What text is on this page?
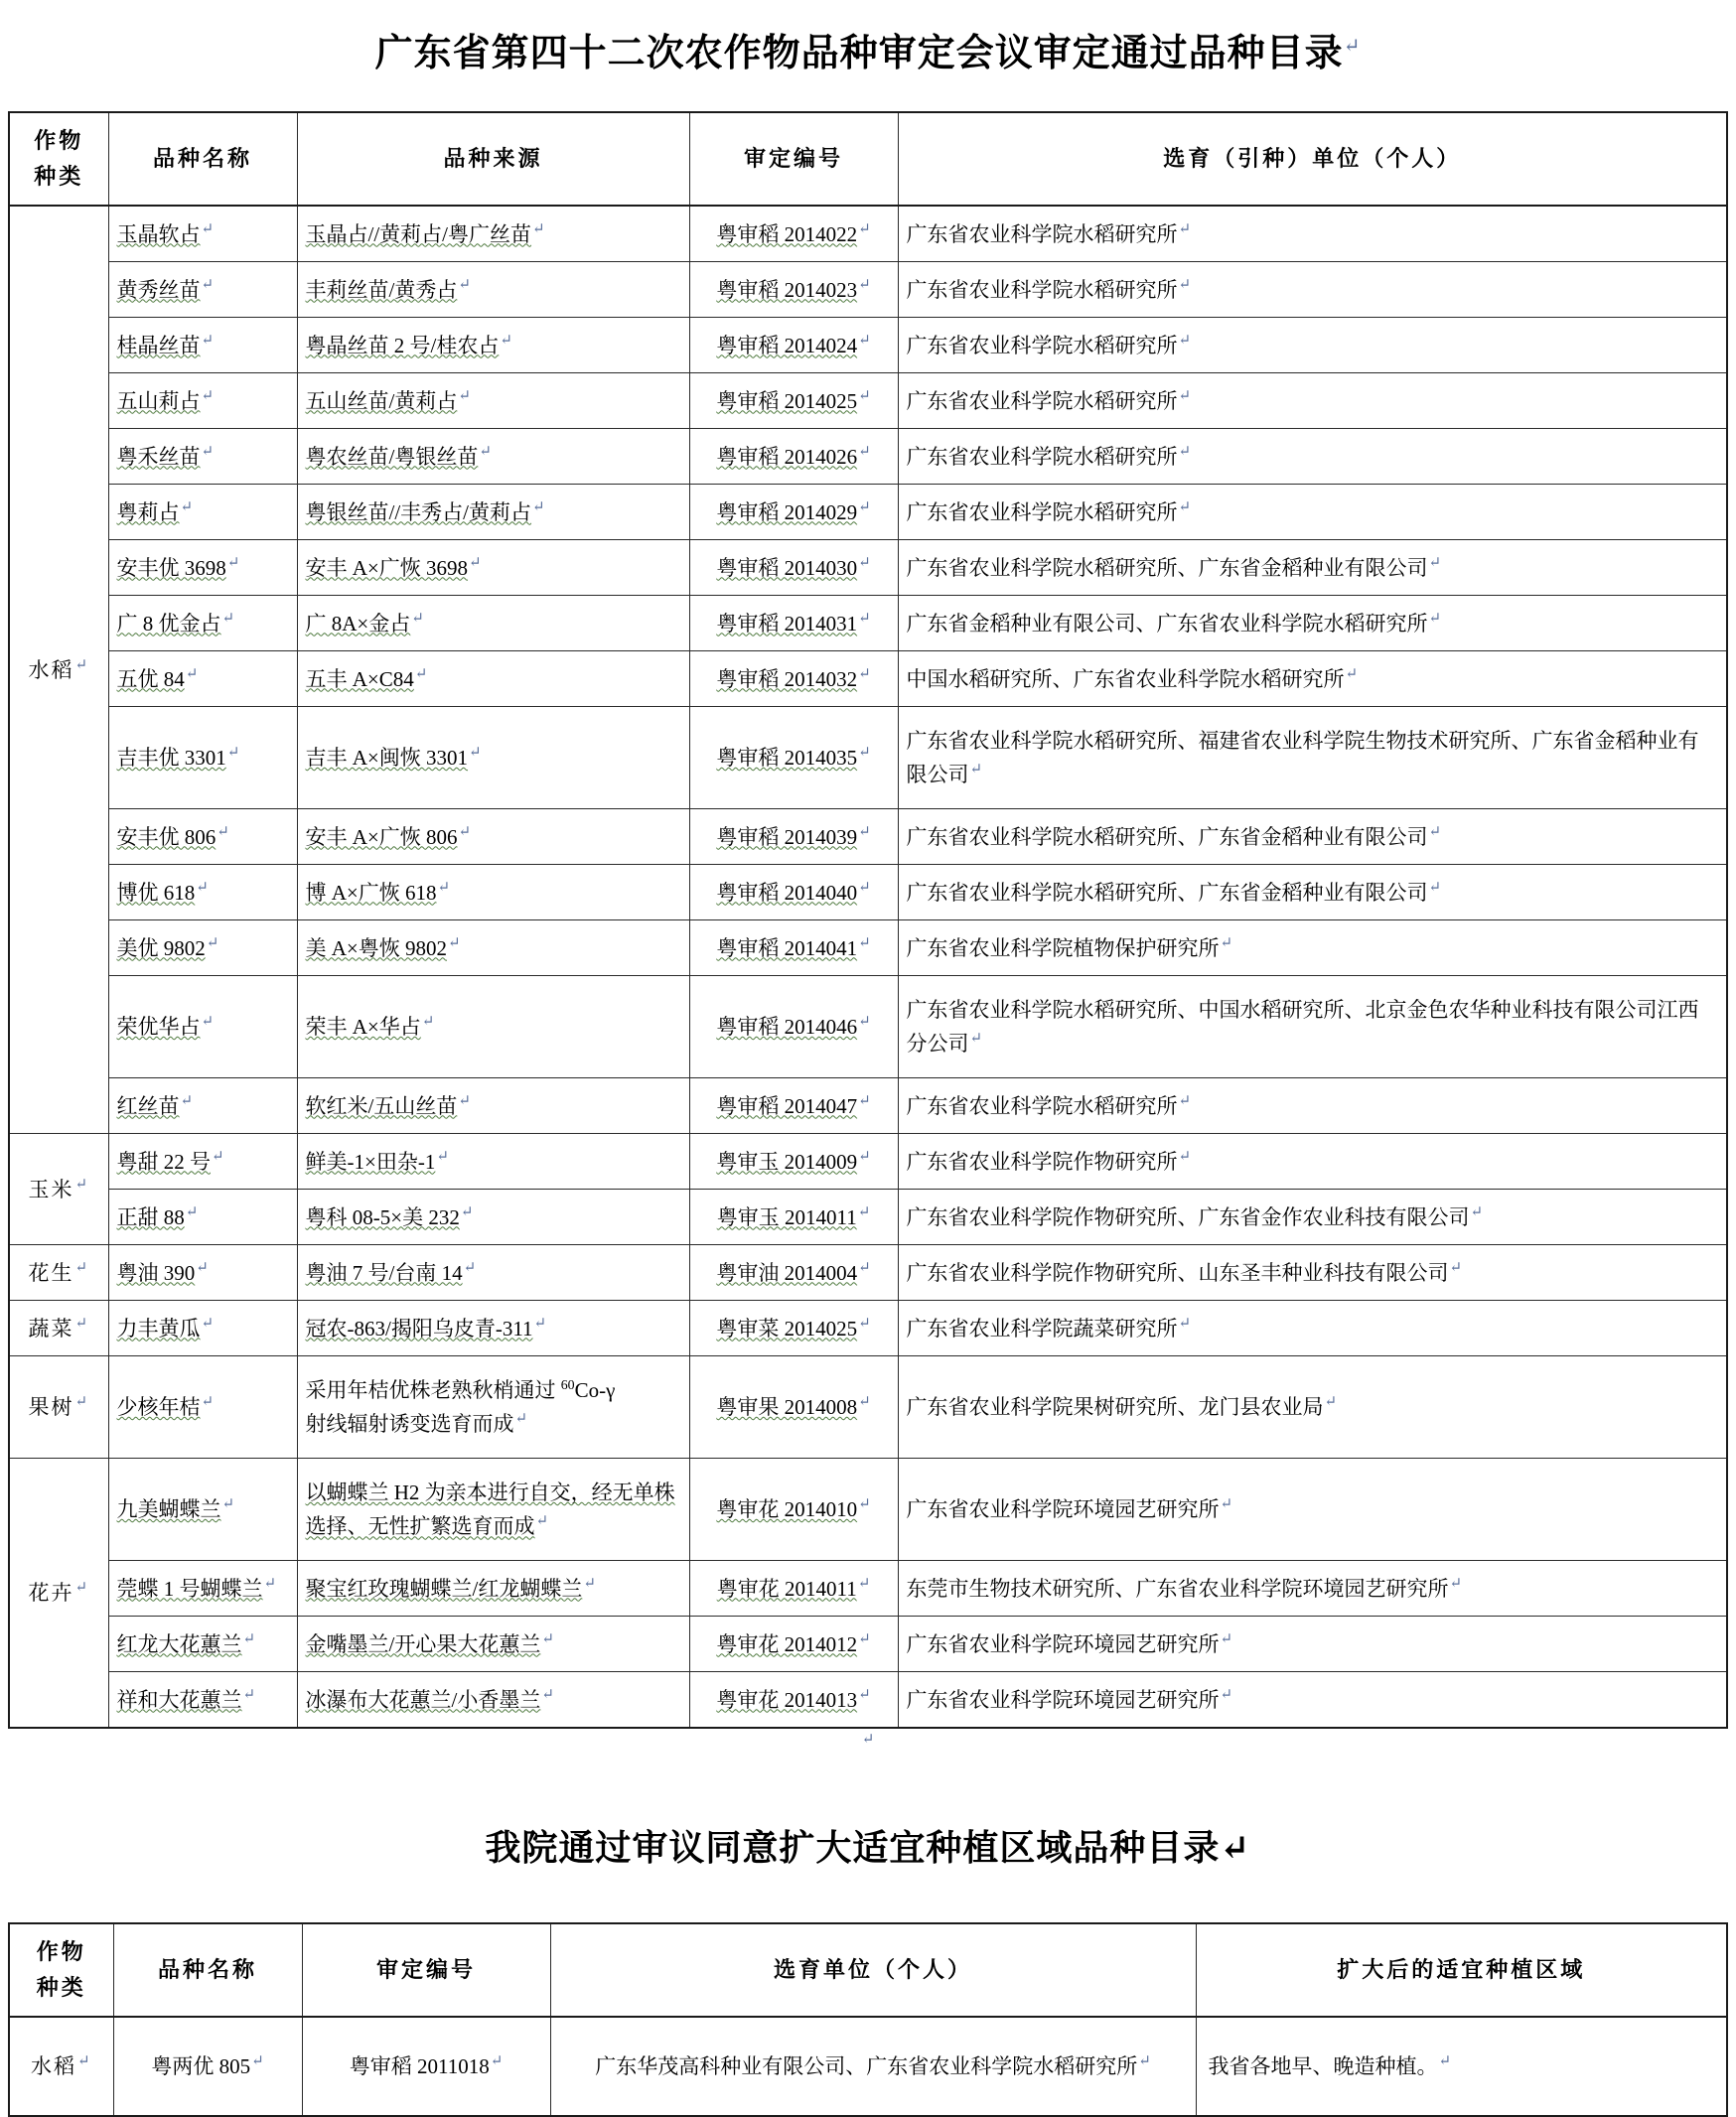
广东省第四十二次农作物品种审定会议审定通过品种目录↵
作物
种类	品种名称	品种来源	审定编号	选育（引种）单位（个人）
水稻↵	玉晶软占↵	玉晶占//黄莉占/粤广丝苗↵	粤审稻 2014022↵	广东省农业科学院水稻研究所↵
	黄秀丝苗↵	丰莉丝苗/黄秀占↵	粤审稻 2014023↵	广东省农业科学院水稻研究所↵
	桂晶丝苗↵	粤晶丝苗 2 号/桂农占↵	粤审稻 2014024↵	广东省农业科学院水稻研究所↵
	五山莉占↵	五山丝苗/黄莉占↵	粤审稻 2014025↵	广东省农业科学院水稻研究所↵
	粤禾丝苗↵	粤农丝苗/粤银丝苗↵	粤审稻 2014026↵	广东省农业科学院水稻研究所↵
	粤莉占↵	粤银丝苗//丰秀占/黄莉占↵	粤审稻 2014029↵	广东省农业科学院水稻研究所↵
	安丰优 3698↵	安丰 A×广恢 3698↵	粤审稻 2014030↵	广东省农业科学院水稻研究所、广东省金稻种业有限公司↵
	广 8 优金占↵	广 8A×金占↵	粤审稻 2014031↵	广东省金稻种业有限公司、广东省农业科学院水稻研究所↵
	五优 84↵	五丰 A×C84↵	粤审稻 2014032↵	中国水稻研究所、广东省农业科学院水稻研究所↵
	吉丰优 3301↵	吉丰 A×闽恢 3301↵	粤审稻 2014035↵	广东省农业科学院水稻研究所、福建省农业科学院生物技术研究所、广东省金稻种业有限公司↵
	安丰优 806↵	安丰 A×广恢 806↵	粤审稻 2014039↵	广东省农业科学院水稻研究所、广东省金稻种业有限公司↵
	博优 618↵	博 A×广恢 618↵	粤审稻 2014040↵	广东省农业科学院水稻研究所、广东省金稻种业有限公司↵
	美优 9802↵	美 A×粤恢 9802↵	粤审稻 2014041↵	广东省农业科学院植物保护研究所↵
	荣优华占↵	荣丰 A×华占↵	粤审稻 2014046↵	广东省农业科学院水稻研究所、中国水稻研究所、北京金色农华种业科技有限公司江西分公司↵
	红丝苗↵	软红米/五山丝苗↵	粤审稻 2014047↵	广东省农业科学院水稻研究所↵
玉米↵	粤甜 22 号↵	鲜美-1×田杂-1↵	粤审玉 2014009↵	广东省农业科学院作物研究所↵
	正甜 88↵	粤科 08-5×美 232↵	粤审玉 2014011↵	广东省农业科学院作物研究所、广东省金作农业科技有限公司↵
花生↵	粤油 390↵	粤油 7 号/台南 14↵	粤审油 2014004↵	广东省农业科学院作物研究所、山东圣丰种业科技有限公司↵
蔬菜↵	力丰黄瓜↵	冠农-863/揭阳乌皮青-311↵	粤审菜 2014025↵	广东省农业科学院蔬菜研究所↵
果树↵	少核年桔↵	采用年桔优株老熟秋梢通过 $^{60}$Co-γ
射线辐射诱变选育而成↵	粤审果 2014008↵	广东省农业科学院果树研究所、龙门县农业局↵
花卉↵	九美蝴蝶兰↵	以蝴蝶兰 H2 为亲本进行自交，经无单株选择、无性扩繁选育而成↵	粤审花 2014010↵	广东省农业科学院环境园艺研究所↵
	莞蝶 1 号蝴蝶兰↵	聚宝红玫瑰蝴蝶兰/红龙蝴蝶兰↵	粤审花 2014011↵	东莞市生物技术研究所、广东省农业科学院环境园艺研究所↵
	红龙大花蕙兰↵	金嘴墨兰/开心果大花蕙兰↵	粤审花 2014012↵	广东省农业科学院环境园艺研究所↵
	祥和大花蕙兰↵	冰瀑布大花蕙兰/小香墨兰↵	粤审花 2014013↵	广东省农业科学院环境园艺研究所↵
↵
我院通过审议同意扩大适宜种植区域品种目录↵
作物
种类	品种名称	审定编号	选育单位（个人）	扩大后的适宜种植区域
水稻↵	粤两优 805↵	粤审稻 2011018↵	广东华茂高科种业有限公司、广东省农业科学院水稻研究所↵	我省各地早、晚造种植。↵
